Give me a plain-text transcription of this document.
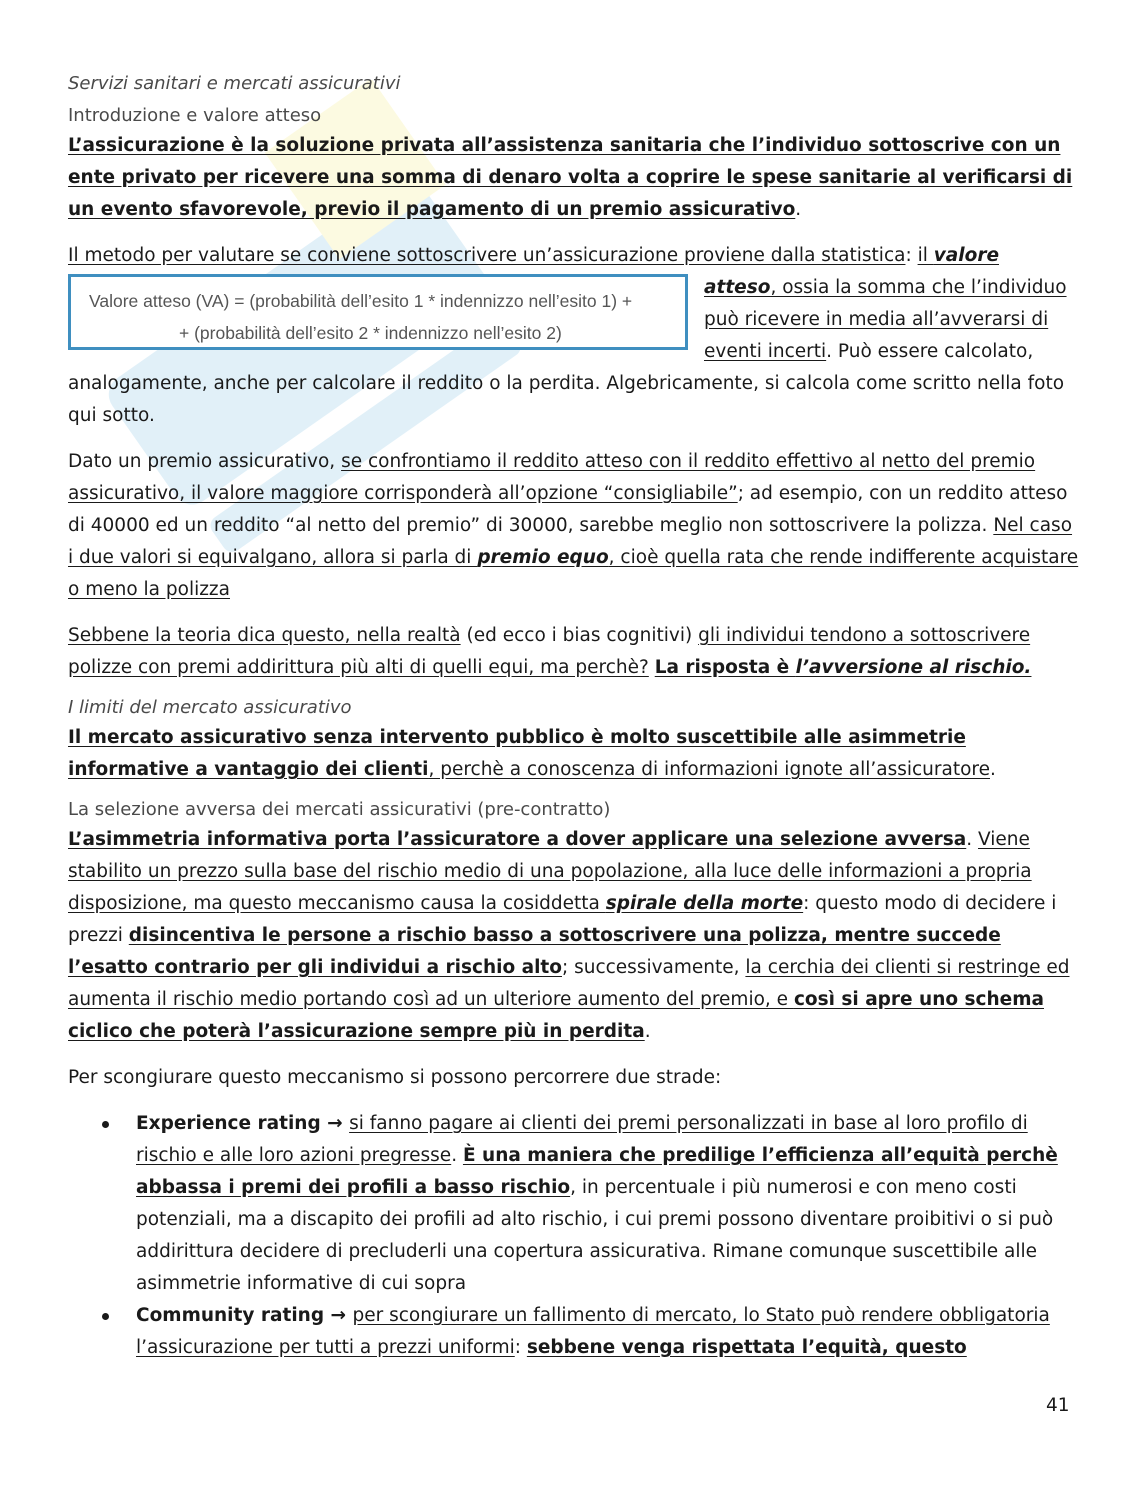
Servizi sanitari e mercati assicurativi

Introduzione e valore atteso

L’assicurazione è la soluzione privata all’assistenza sanitaria che l’individuo sottoscrive con un ente privato per ricevere una somma di denaro volta a coprire le spese sanitarie al verificarsi di un evento sfavorevole, previo il pagamento di un premio assicurativo.

Il metodo per valutare se conviene sottoscrivere un’assicurazione proviene dalla statistica: il valore
Valore atteso (VA) = (probabilità dell’esito 1 * indennizzo nell’esito 1) +
+ (probabilità dell’esito 2 * indennizzo nell’esito 2)
atteso, ossia la somma che l’individuo può ricevere in media all’avverarsi di eventi incerti. Può essere calcolato, analogamente, anche per calcolare il reddito o la perdita. Algebricamente, si calcola come scritto nella foto qui sotto.

Dato un premio assicurativo, se confrontiamo il reddito atteso con il reddito effettivo al netto del premio assicurativo, il valore maggiore corrisponderà all’opzione “consigliabile”; ad esempio, con un reddito atteso di 40000 ed un reddito “al netto del premio” di 30000, sarebbe meglio non sottoscrivere la polizza. Nel caso i due valori si equivalgano, allora si parla di premio equo, cioè quella rata che rende indifferente acquistare o meno la polizza

Sebbene la teoria dica questo, nella realtà (ed ecco i bias cognitivi) gli individui tendono a sottoscrivere polizze con premi addirittura più alti di quelli equi, ma perchè? La risposta è l’avversione al rischio.

I limiti del mercato assicurativo

Il mercato assicurativo senza intervento pubblico è molto suscettibile alle asimmetrie informative a vantaggio dei clienti, perchè a conoscenza di informazioni ignote all’assicuratore.

La selezione avversa dei mercati assicurativi (pre-contratto)

L’asimmetria informativa porta l’assicuratore a dover applicare una selezione avversa. Viene stabilito un prezzo sulla base del rischio medio di una popolazione, alla luce delle informazioni a propria disposizione, ma questo meccanismo causa la cosiddetta spirale della morte: questo modo di decidere i prezzi disincentiva le persone a rischio basso a sottoscrivere una polizza, mentre succede l’esatto contrario per gli individui a rischio alto; successivamente, la cerchia dei clienti si restringe ed aumenta il rischio medio portando così ad un ulteriore aumento del premio, e così si apre uno schema ciclico che poterà l’assicurazione sempre più in perdita.

Per scongiurare questo meccanismo si possono percorrere due strade:

Experience rating → si fanno pagare ai clienti dei premi personalizzati in base al loro profilo di rischio e alle loro azioni pregresse. È una maniera che predilige l’efficienza all’equità perchè abbassa i premi dei profili a basso rischio, in percentuale i più numerosi e con meno costi potenziali, ma a discapito dei profili ad alto rischio, i cui premi possono diventare proibitivi o si può addirittura decidere di precluderli una copertura assicurativa. Rimane comunque suscettibile alle asimmetrie informative di cui sopra
Community rating → per scongiurare un fallimento di mercato, lo Stato può rendere obbligatoria l’assicurazione per tutti a prezzi uniformi: sebbene venga rispettata l’equità, questo
41
